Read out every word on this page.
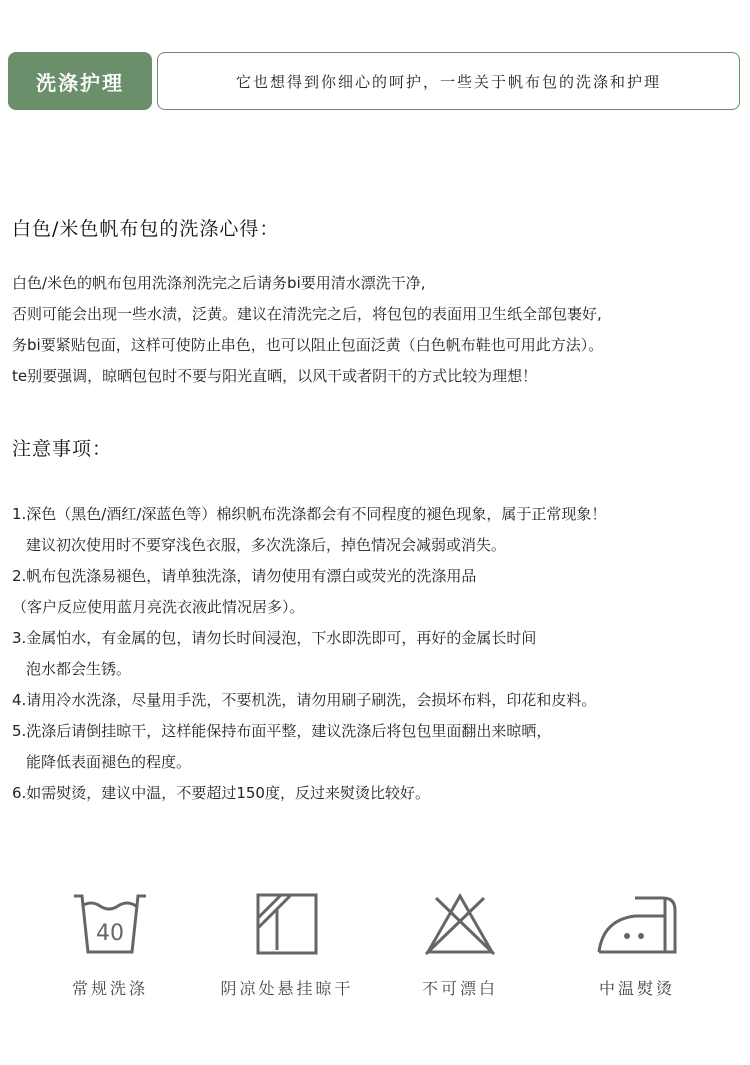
洗涤护理	它也想得到你细心的呵护，一些关于帆布包的洗涤和护理
白色/米色帆布包的洗涤心得：
白色/米色的帆布包用洗涤剂洗完之后请务bi要用清水漂洗干净,
否则可能会出现一些水渍，泛黄。建议在清洗完之后，将包包的表面用卫生纸全部包裹好,
务bi要紧贴包面，这样可使防止串色，也可以阻止包面泛黄（白色帆布鞋也可用此方法）。
te别要强调，晾晒包包时不要与阳光直晒，以风干或者阴干的方式比较为理想！
注意事项：
1.深色（黑色/酒红/深蓝色等）棉织帆布洗涤都会有不同程度的褪色现象，属于正常现象！
建议初次使用时不要穿浅色衣服，多次洗涤后，掉色情况会减弱或消失。
2.帆布包洗涤易褪色，请单独洗涤，请勿使用有漂白或荧光的洗涤用品
（客户反应使用蓝月亮洗衣液此情况居多）。
3.金属怕水，有金属的包，请勿长时间浸泡，下水即洗即可，再好的金属长时间
泡水都会生锈。
4.请用冷水洗涤，尽量用手洗，不要机洗，请勿用刷子刷洗，会损坏布料，印花和皮料。
5.洗涤后请倒挂晾干，这样能保持布面平整，建议洗涤后将包包里面翻出来晾晒，
能降低表面褪色的程度。
6.如需熨烫，建议中温，不要超过150度，反过来熨烫比较好。
40
常规洗涤	阴凉处悬挂晾干	不可漂白	中温熨烫
